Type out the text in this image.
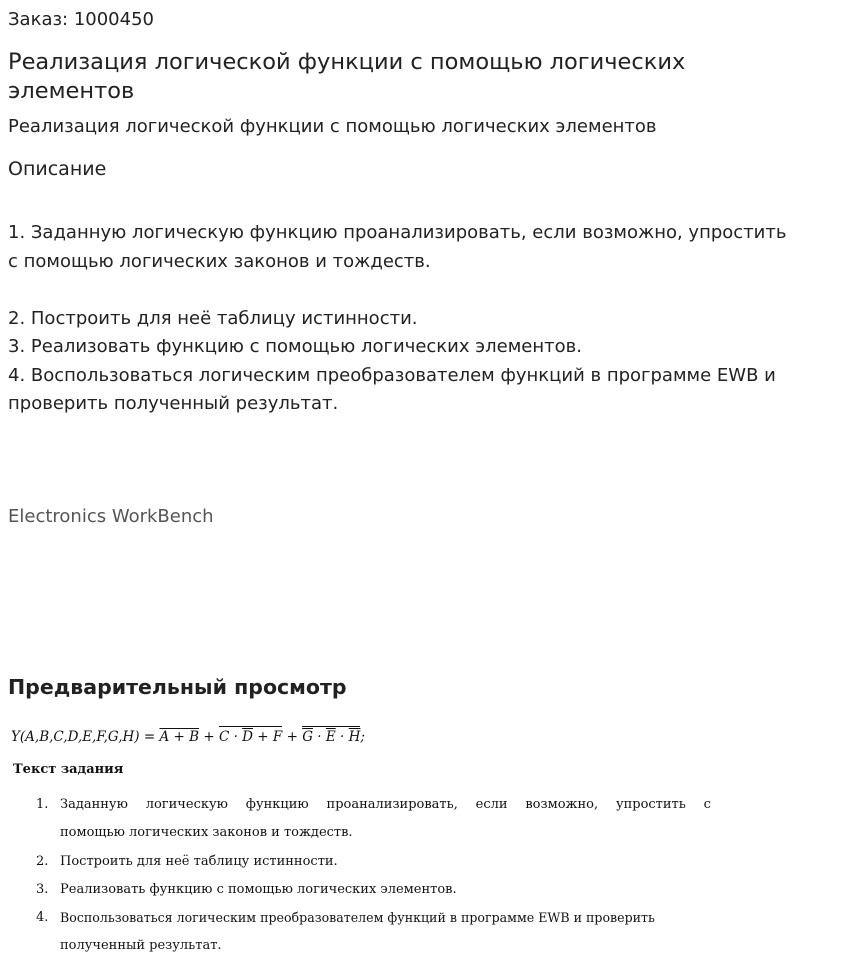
Заказ: 1000450
Реализация логической функции с помощью логических элементов
Реализация логической функции с помощью логических элементов
Описание
1. Заданную логическую функцию проанализировать, если возможно, упростить
с помощью логических законов и тождеств.
2. Построить для неё таблицу истинности.
3. Реализовать функцию с помощью логических элементов.
4. Воспользоваться логическим преобразователем функций в программе EWB и
проверить полученный результат.
Electronics WorkBench
Предварительный просмотр
$Y(A,B,C,D,E,F,G,H) = A + B + C \cdot \overline{D} + F + \overline{G} \cdot \overline{E} \cdot \overline{H}$;
Текст задания
1. Заданную логическую функцию проанализировать, если возможно, упростить с
помощью логических законов и тождеств.
2. Построить для неё таблицу истинности.
3. Реализовать функцию с помощью логических элементов.
4. Воспользоваться логическим преобразователем функций в программе EWB и проверить
полученный результат.
